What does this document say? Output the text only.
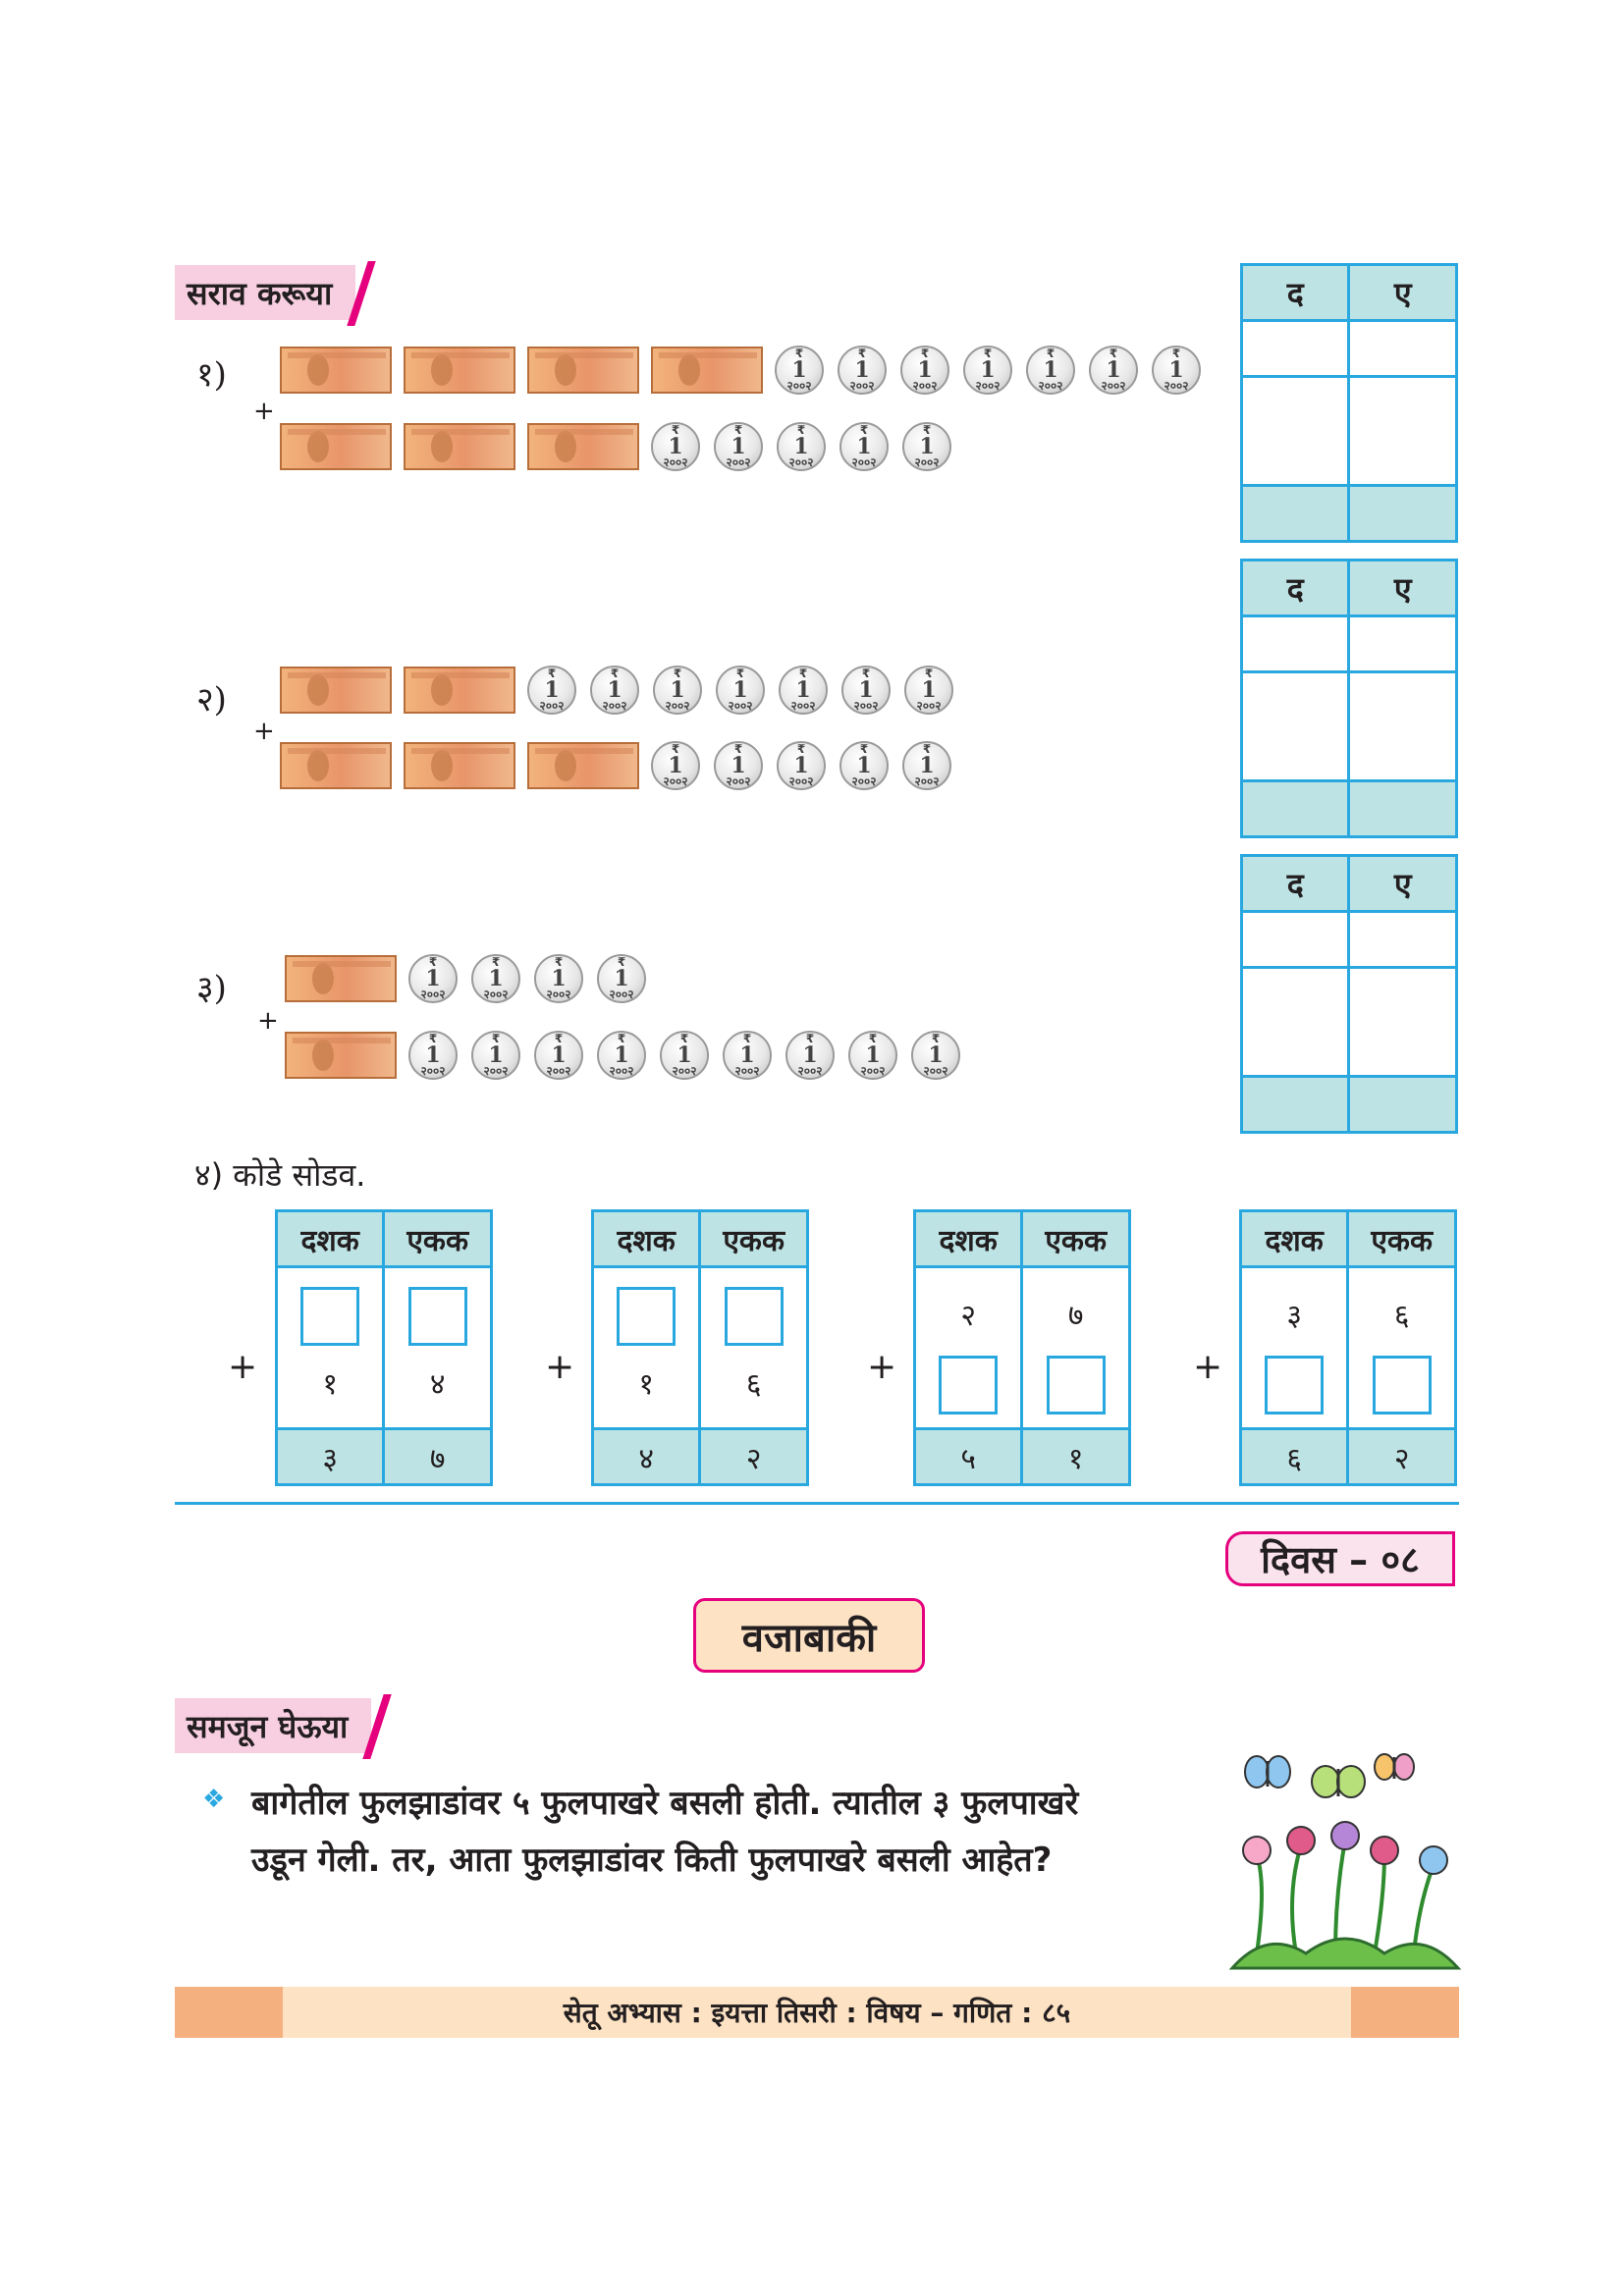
सराव करूया
१)
+
₹
1
२००२
₹
1
२००२
₹
1
२००२
₹
1
२००२
₹
1
२००२
₹
1
२००२
₹
1
२००२
₹
1
२००२
₹
1
२००२
₹
1
२००२
₹
1
२००२
₹
1
२००२
द	ए

२)
+
₹
1
२००२
₹
1
२००२
₹
1
२००२
₹
1
२००२
₹
1
२००२
₹
1
२००२
₹
1
२००२
₹
1
२००२
₹
1
२००२
₹
1
२००२
₹
1
२००२
₹
1
२००२
द	ए

३)
+
₹
1
२००२
₹
1
२००२
₹
1
२००२
₹
1
२००२
₹
1
२००२
₹
1
२००२
₹
1
२००२
₹
1
२००२
₹
1
२००२
₹
1
२००२
₹
1
२००२
₹
1
२००२
₹
1
२००२
द	ए

४) कोडे सोडव.
+
दशक	एकक

१	४

३	७
+
दशक	एकक

१	६

४	२
+
दशक	एकक

२	७

५	१
+
दशक	एकक

३	६

६	२
दिवस – ०८
वजाबाकी
समजून घेऊया
❖ बागेतील फुलझाडांवर ५ फुलपाखरे बसली होती. त्यातील ३ फुलपाखरे
उडून गेली. तर, आता फुलझाडांवर किती फुलपाखरे बसली आहेत?
सेतू अभ्यास : इयत्ता तिसरी : विषय – गणित : ८५
